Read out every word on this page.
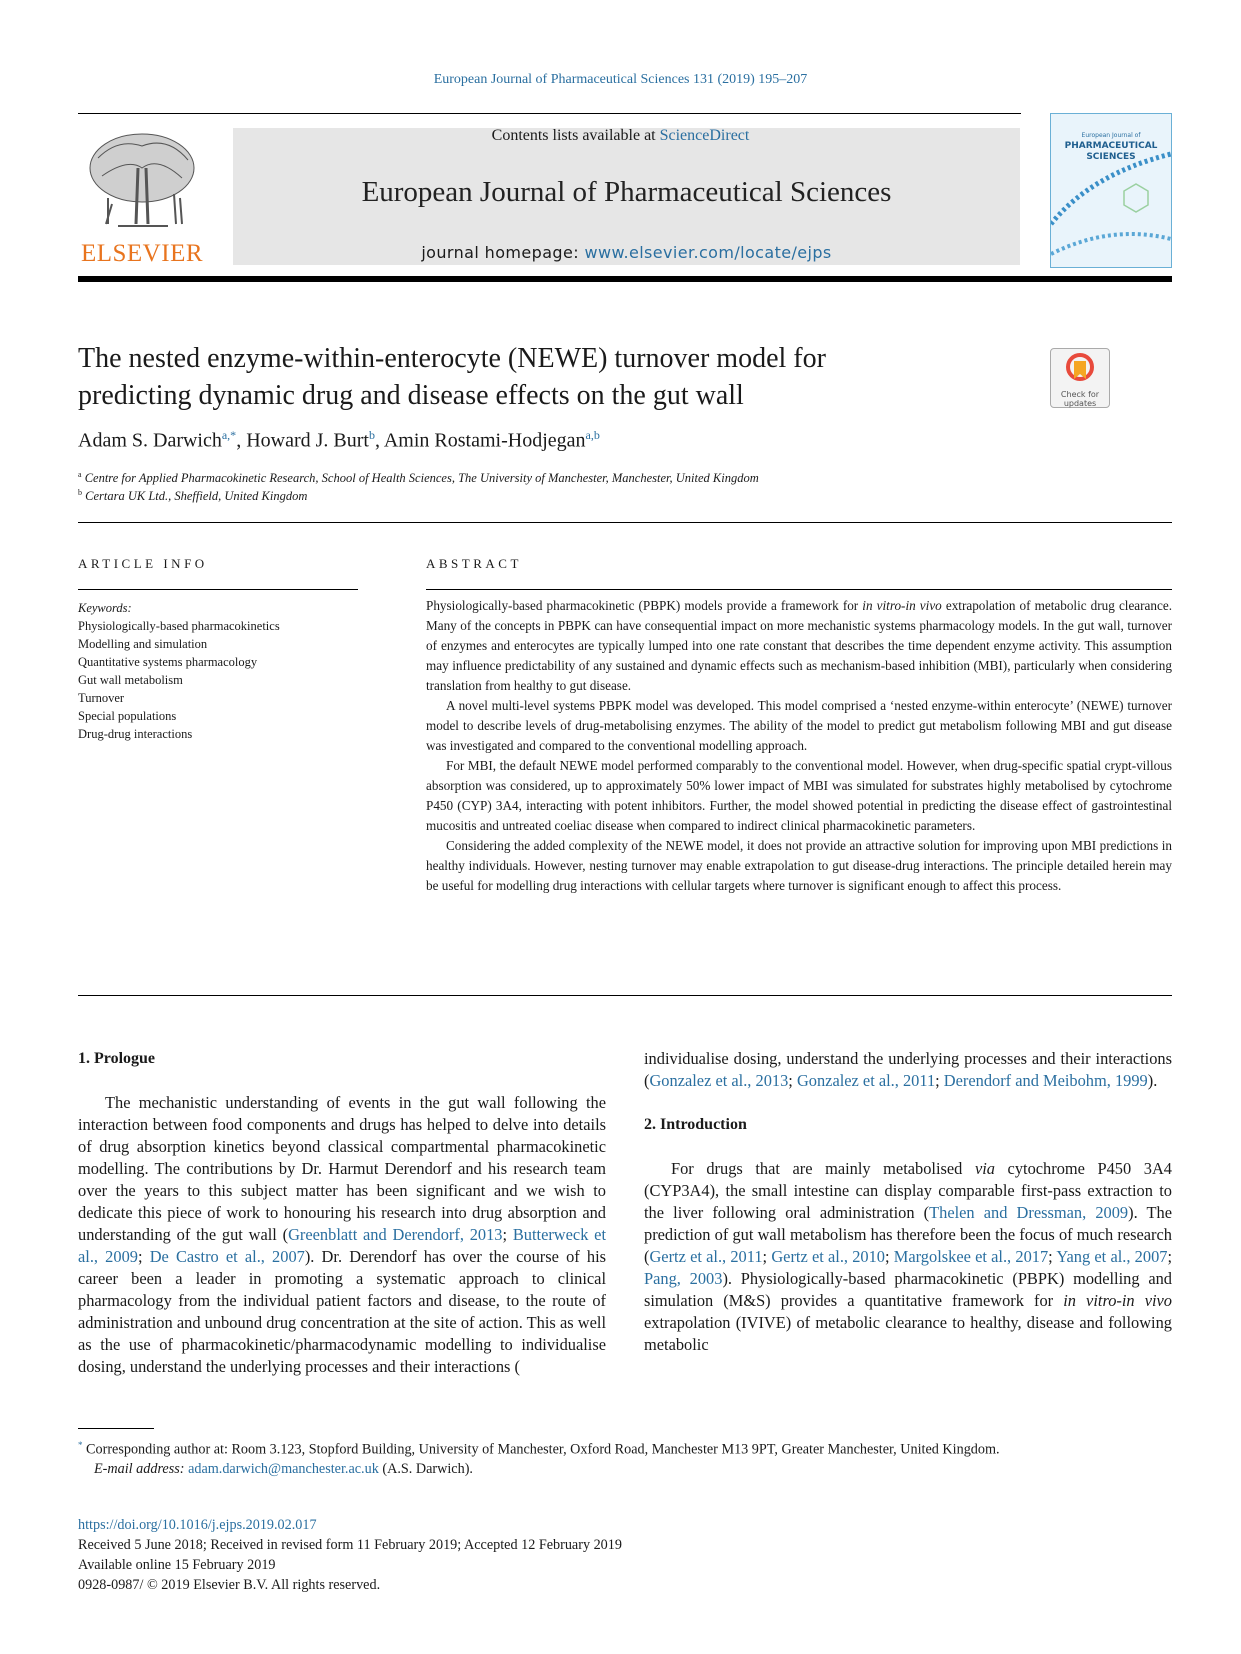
European Journal of Pharmaceutical Sciences 131 (2019) 195–207
ELSEVIER
Contents lists available at ScienceDirect
European Journal of Pharmaceutical Sciences
journal homepage: www.elsevier.com/locate/ejps
European Journal of
PHARMACEUTICAL
SCIENCES
The nested enzyme-within-enterocyte (NEWE) turnover model for predicting dynamic drug and disease effects on the gut wall	Check for
updates
Adam S. Darwich$^{a,*}$, Howard J. Burt$^b$, Amin Rostami-Hodjegan$^{a,b}$
$^a$ Centre for Applied Pharmacokinetic Research, School of Health Sciences, The University of Manchester, Manchester, United Kingdom
$^b$ Certara UK Ltd., Sheffield, United Kingdom
ARTICLE INFO	ABSTRACT
Keywords:
Physiologically-based pharmacokinetics
Modelling and simulation
Quantitative systems pharmacology
Gut wall metabolism
Turnover
Special populations
Drug-drug interactions

Physiologically-based pharmacokinetic (PBPK) models provide a framework for in vitro-in vivo extrapolation of metabolic drug clearance. Many of the concepts in PBPK can have consequential impact on more mechanistic systems pharmacology models. In the gut wall, turnover of enzymes and enterocytes are typically lumped into one rate constant that describes the time dependent enzyme activity. This assumption may influence predictability of any sustained and dynamic effects such as mechanism-based inhibition (MBI), particularly when considering translation from healthy to gut disease.

A novel multi-level systems PBPK model was developed. This model comprised a ‘nested enzyme-within enterocyte’ (NEWE) turnover model to describe levels of drug-metabolising enzymes. The ability of the model to predict gut metabolism following MBI and gut disease was investigated and compared to the conventional modelling approach.

For MBI, the default NEWE model performed comparably to the conventional model. However, when drug-specific spatial crypt-villous absorption was considered, up to approximately 50% lower impact of MBI was simulated for substrates highly metabolised by cytochrome P450 (CYP) 3A4, interacting with potent inhibitors. Further, the model showed potential in predicting the disease effect of gastrointestinal mucositis and untreated coeliac disease when compared to indirect clinical pharmacokinetic parameters.

Considering the added complexity of the NEWE model, it does not provide an attractive solution for improving upon MBI predictions in healthy individuals. However, nesting turnover may enable extrapolation to gut disease-drug interactions. The principle detailed herein may be useful for modelling drug interactions with cellular targets where turnover is significant enough to affect this process.

1. Prologue

The mechanistic understanding of events in the gut wall following the interaction between food components and drugs has helped to delve into details of drug absorption kinetics beyond classical compartmental pharmacokinetic modelling. The contributions by Dr. Harmut Derendorf and his research team over the years to this subject matter has been significant and we wish to dedicate this piece of work to honouring his research into drug absorption and understanding of the gut wall (Greenblatt and Derendorf, 2013; Butterweck et al., 2009; De Castro et al., 2007). Dr. Derendorf has over the course of his career been a leader in promoting a systematic approach to clinical pharmacology from the individual patient factors and disease, to the route of administration and unbound drug concentration at the site of action. This as well as the use of pharmacokinetic/pharmacodynamic modelling to individualise dosing, understand the underlying processes and their interactions (

individualise dosing, understand the underlying processes and their interactions (Gonzalez et al., 2013; Gonzalez et al., 2011; Derendorf and Meibohm, 1999).

2. Introduction

For drugs that are mainly metabolised via cytochrome P450 3A4 (CYP3A4), the small intestine can display comparable first-pass extraction to the liver following oral administration (Thelen and Dressman, 2009). The prediction of gut wall metabolism has therefore been the focus of much research (Gertz et al., 2011; Gertz et al., 2010; Margolskee et al., 2017; Yang et al., 2007; Pang, 2003). Physiologically-based pharmacokinetic (PBPK) modelling and simulation (M&S) provides a quantitative framework for in vitro-in vivo extrapolation (IVIVE) of metabolic clearance to healthy, disease and following metabolic

* Corresponding author at: Room 3.123, Stopford Building, University of Manchester, Oxford Road, Manchester M13 9PT, Greater Manchester, United Kingdom.
E-mail address: adam.darwich@manchester.ac.uk (A.S. Darwich).
https://doi.org/10.1016/j.ejps.2019.02.017
Received 5 June 2018; Received in revised form 11 February 2019; Accepted 12 February 2019
Available online 15 February 2019
0928-0987/ © 2019 Elsevier B.V. All rights reserved.
